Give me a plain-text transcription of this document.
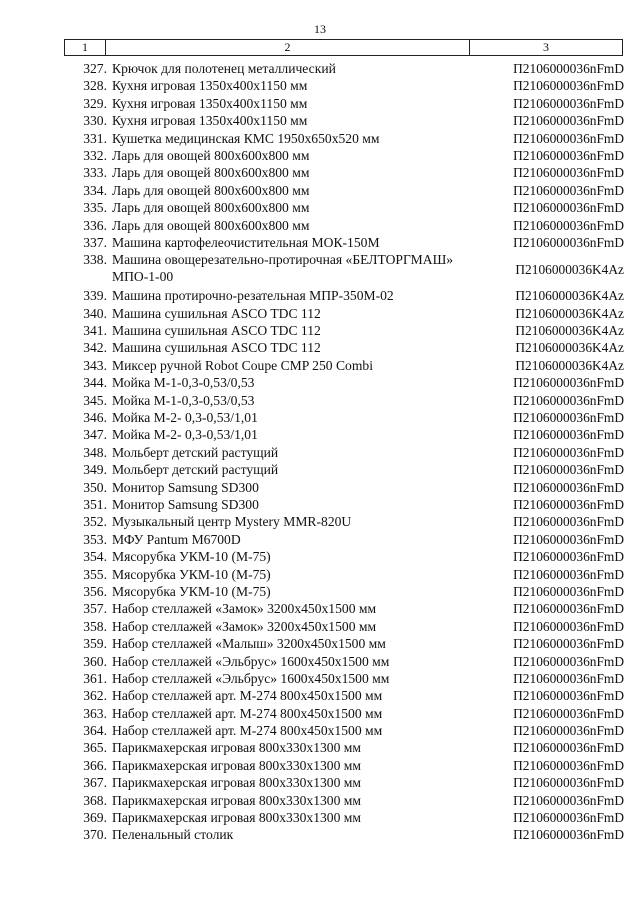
13
1	2	3
327. Крючок для полотенец металлический	П2106000036nFmD
328. Кухня игровая 1350x400x1150 мм	П2106000036nFmD
329. Кухня игровая 1350x400x1150 мм	П2106000036nFmD
330. Кухня игровая 1350x400x1150 мм	П2106000036nFmD
331. Кушетка медицинская КМС 1950x650x520 мм	П2106000036nFmD
332. Ларь для овощей 800x600x800 мм	П2106000036nFmD
333. Ларь для овощей 800x600x800 мм	П2106000036nFmD
334. Ларь для овощей 800x600x800 мм	П2106000036nFmD
335. Ларь для овощей 800x600x800 мм	П2106000036nFmD
336. Ларь для овощей 800x600x800 мм	П2106000036nFmD
337. Машина картофелеочистительная МОК-150М	П2106000036nFmD
338. Машина овощерезательно-протирочная «БЕЛТОРГМАШ» МПО-1-00	П2106000036K4Az
339. Машина протирочно-резательная МПР-350М-02	П2106000036K4Az
340. Машина сушильная ASCO TDC 112	П2106000036K4Az
341. Машина сушильная ASCO TDC 112	П2106000036K4Az
342. Машина сушильная ASCO TDC 112	П2106000036K4Az
343. Миксер ручной Robot Coupe CMP 250 Combi	П2106000036K4Az
344. Мойка М-1-0,3-0,53/0,53	П2106000036nFmD
345. Мойка М-1-0,3-0,53/0,53	П2106000036nFmD
346. Мойка М-2- 0,3-0,53/1,01	П2106000036nFmD
347. Мойка М-2- 0,3-0,53/1,01	П2106000036nFmD
348. Мольберт детский растущий	П2106000036nFmD
349. Мольберт детский растущий	П2106000036nFmD
350. Монитор Samsung SD300	П2106000036nFmD
351. Монитор Samsung SD300	П2106000036nFmD
352. Музыкальный центр Mystery MMR-820U	П2106000036nFmD
353. МФУ Pantum M6700D	П2106000036nFmD
354. Мясорубка УКМ-10 (М-75)	П2106000036nFmD
355. Мясорубка УКМ-10 (М-75)	П2106000036nFmD
356. Мясорубка УКМ-10 (М-75)	П2106000036nFmD
357. Набор стеллажей «Замок» 3200x450x1500 мм	П2106000036nFmD
358. Набор стеллажей «Замок» 3200x450x1500 мм	П2106000036nFmD
359. Набор стеллажей «Малыш» 3200x450x1500 мм	П2106000036nFmD
360. Набор стеллажей «Эльбрус» 1600x450x1500 мм	П2106000036nFmD
361. Набор стеллажей «Эльбрус» 1600x450x1500 мм	П2106000036nFmD
362. Набор стеллажей арт. М-274 800x450x1500 мм	П2106000036nFmD
363. Набор стеллажей арт. М-274 800x450x1500 мм	П2106000036nFmD
364. Набор стеллажей арт. М-274 800x450x1500 мм	П2106000036nFmD
365. Парикмахерская игровая 800x330x1300 мм	П2106000036nFmD
366. Парикмахерская игровая 800x330x1300 мм	П2106000036nFmD
367. Парикмахерская игровая 800x330x1300 мм	П2106000036nFmD
368. Парикмахерская игровая 800x330x1300 мм	П2106000036nFmD
369. Парикмахерская игровая 800x330x1300 мм	П2106000036nFmD
370. Пеленальный столик	П2106000036nFmD
